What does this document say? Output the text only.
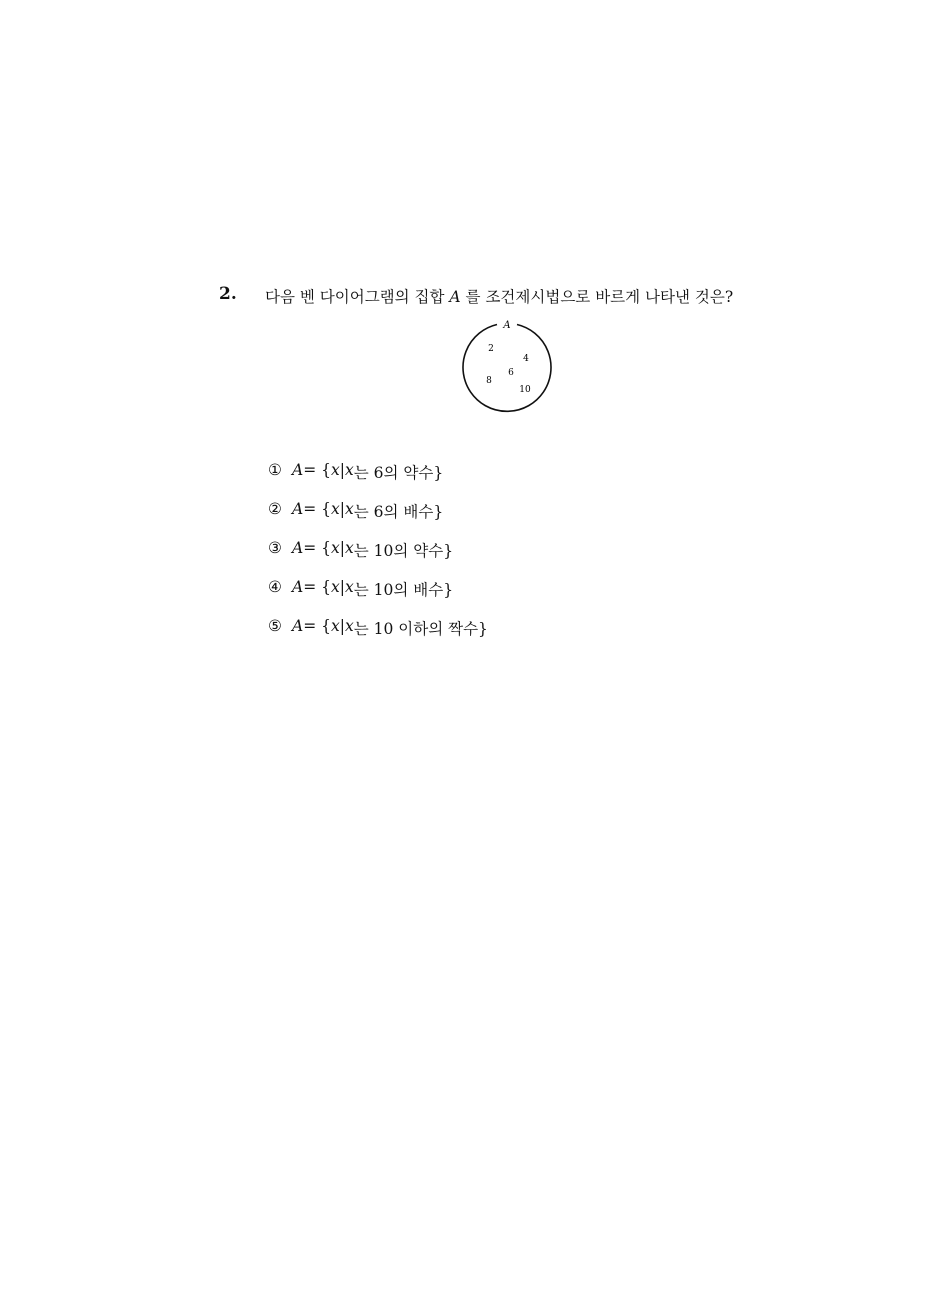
2. 다음 벤 다이어그램의 집합 A 를 조건제시법으로 바르게 나타낸 것은?
A
2
4
6
8
10
① A = { x | x 는 6의 약수}
② A = { x | x 는 6의 배수}
③ A = { x | x 는 10의 약수}
④ A = { x | x 는 10의 배수}
⑤ A = { x | x 는 10 이하의 짝수}
